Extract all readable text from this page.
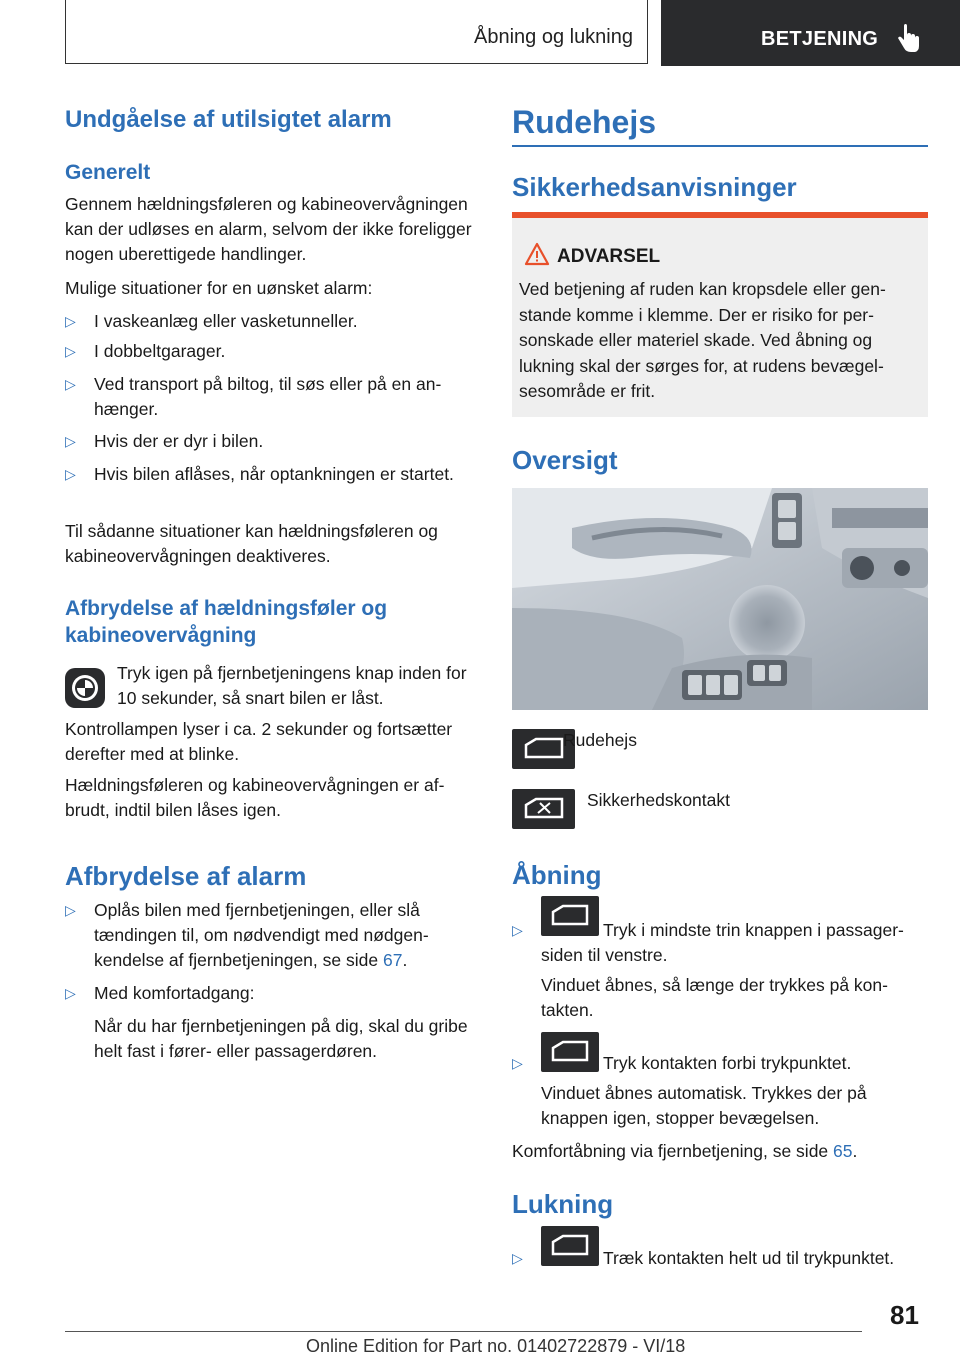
Åbning og lukning	BETJENING
Undgåelse af utilsigtet alarm
Generelt
Gennem hældningsføleren og kabineovervågningen kan der udløses en alarm, selvom der ikke foreligger nogen uberettigede handlinger.
Mulige situationer for en uønsket alarm:
▷ I vaskeanlæg eller vasketunneller.
▷ I dobbeltgarager.
▷ Ved transport på biltog, til søs eller på en anhænger.
▷ Hvis der er dyr i bilen.
▷ Hvis bilen aflåses, når optankningen er startet.
Til sådanne situationer kan hældningsføleren og kabineovervågningen deaktiveres.
Afbrydelse af hældningsføler og kabineovervågning
Tryk igen på fjernbetjeningens knap inden for 10 sekunder, så snart bilen er låst.
Kontrollampen lyser i ca. 2 sekunder og fortsætter derefter med at blinke.
Hældningsføleren og kabineovervågningen er afbrudt, indtil bilen låses igen.
Afbrydelse af alarm
▷ Oplås bilen med fjernbetjeningen, eller slå tændingen til, om nødvendigt med nødgenkendelse af fjernbetjeningen, se side 67.
▷ Med komfortadgang:
Når du har fjernbetjeningen på dig, skal du gribe helt fast i fører- eller passagerdøren.
Rudehejs
Sikkerhedsanvisninger
ADVARSEL
Ved betjening af ruden kan kropsdele eller genstande komme i klemme. Der er risiko for personskade eller materiel skade. Ved åbning og lukning skal der sørges for, at rudens bevægelsesområde er frit.
Oversigt
Rudehejs
Sikkerhedskontakt
Åbning
▷	Tryk i mindste trin knappen i passagersiden til venstre.
Vinduet åbnes, så længe der trykkes på kontakten.
▷	Tryk kontakten forbi trykpunktet.
Vinduet åbnes automatisk. Trykkes der på knappen igen, stopper bevægelsen.
Komfortåbning via fjernbetjening, se side 65.
Lukning
▷	Træk kontakten helt ud til trykpunktet.
81
Online Edition for Part no. 01402722879 - VI/18
